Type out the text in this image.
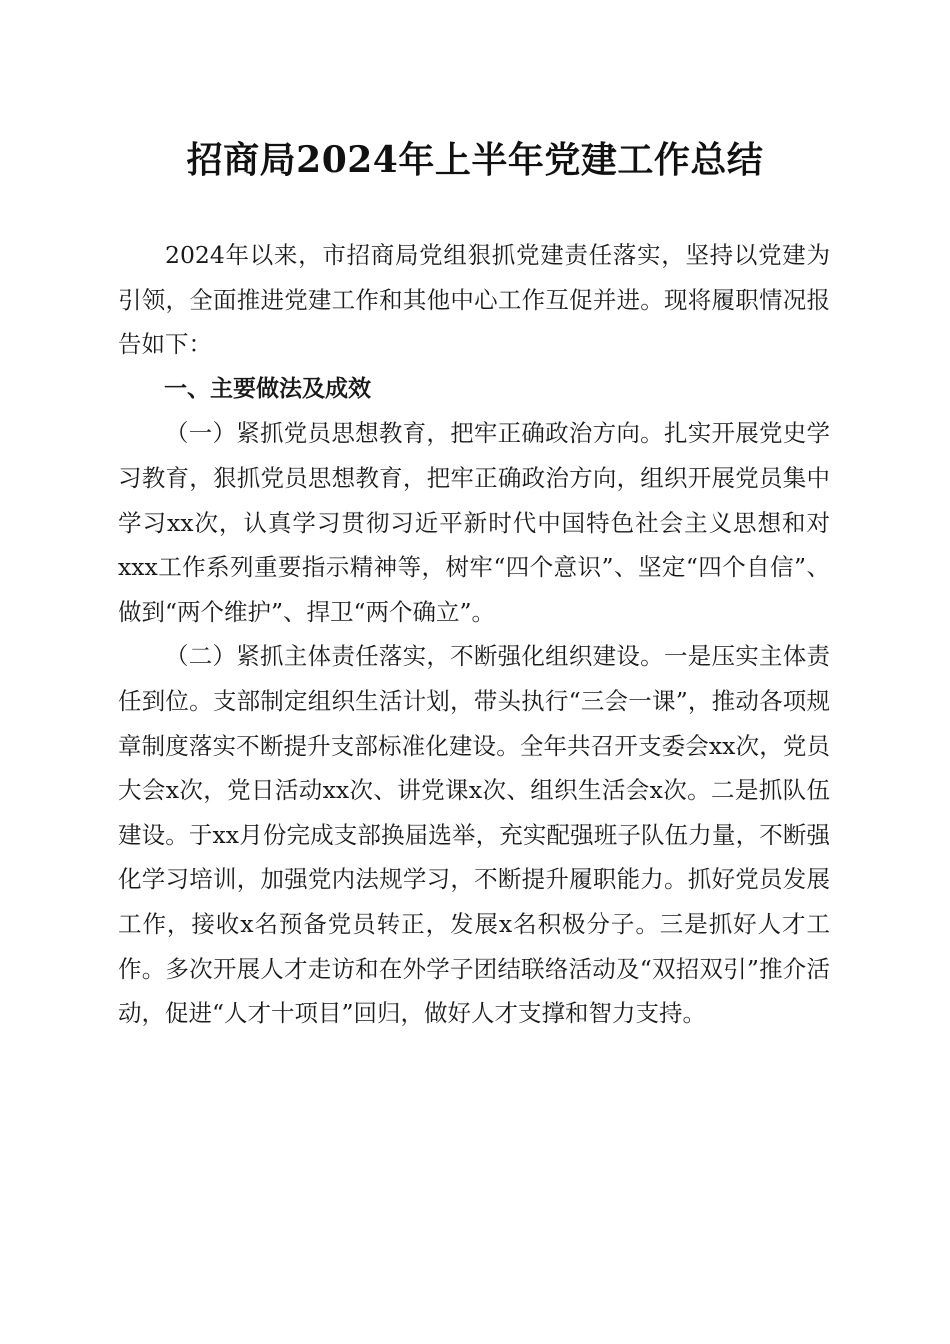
招商局2024年上半年党建工作总结

2024年以来，市招商局党组狠抓党建责任落实，坚持以党建为引领，全面推进党建工作和其他中心工作互促并进。现将履职情况报告如下：

一、主要做法及成效

（一）紧抓党员思想教育，把牢正确政治方向。扎实开展党史学习教育，狠抓党员思想教育，把牢正确政治方向，组织开展党员集中学习xx次，认真学习贯彻习近平新时代中国特色社会主义思想和对xxx工作系列重要指示精神等，树牢“四个意识”、坚定“四个自信”、做到“两个维护”、捍卫“两个确立”。

（二）紧抓主体责任落实，不断强化组织建设。一是压实主体责任到位。支部制定组织生活计划，带头执行“三会一课”，推动各项规章制度落实不断提升支部标准化建设。全年共召开支委会xx次，党员大会x次，党日活动xx次、讲党课x次、组织生活会x次。二是抓队伍建设。于xx月份完成支部换届选举，充实配强班子队伍力量，不断强化学习培训，加强党内法规学习，不断提升履职能力。抓好党员发展工作，接收x名预备党员转正，发展x名积极分子。三是抓好人才工作。多次开展人才走访和在外学子团结联络活动及“双招双引”推介活动，促进“人才十项目”回归，做好人才支撑和智力支持。
